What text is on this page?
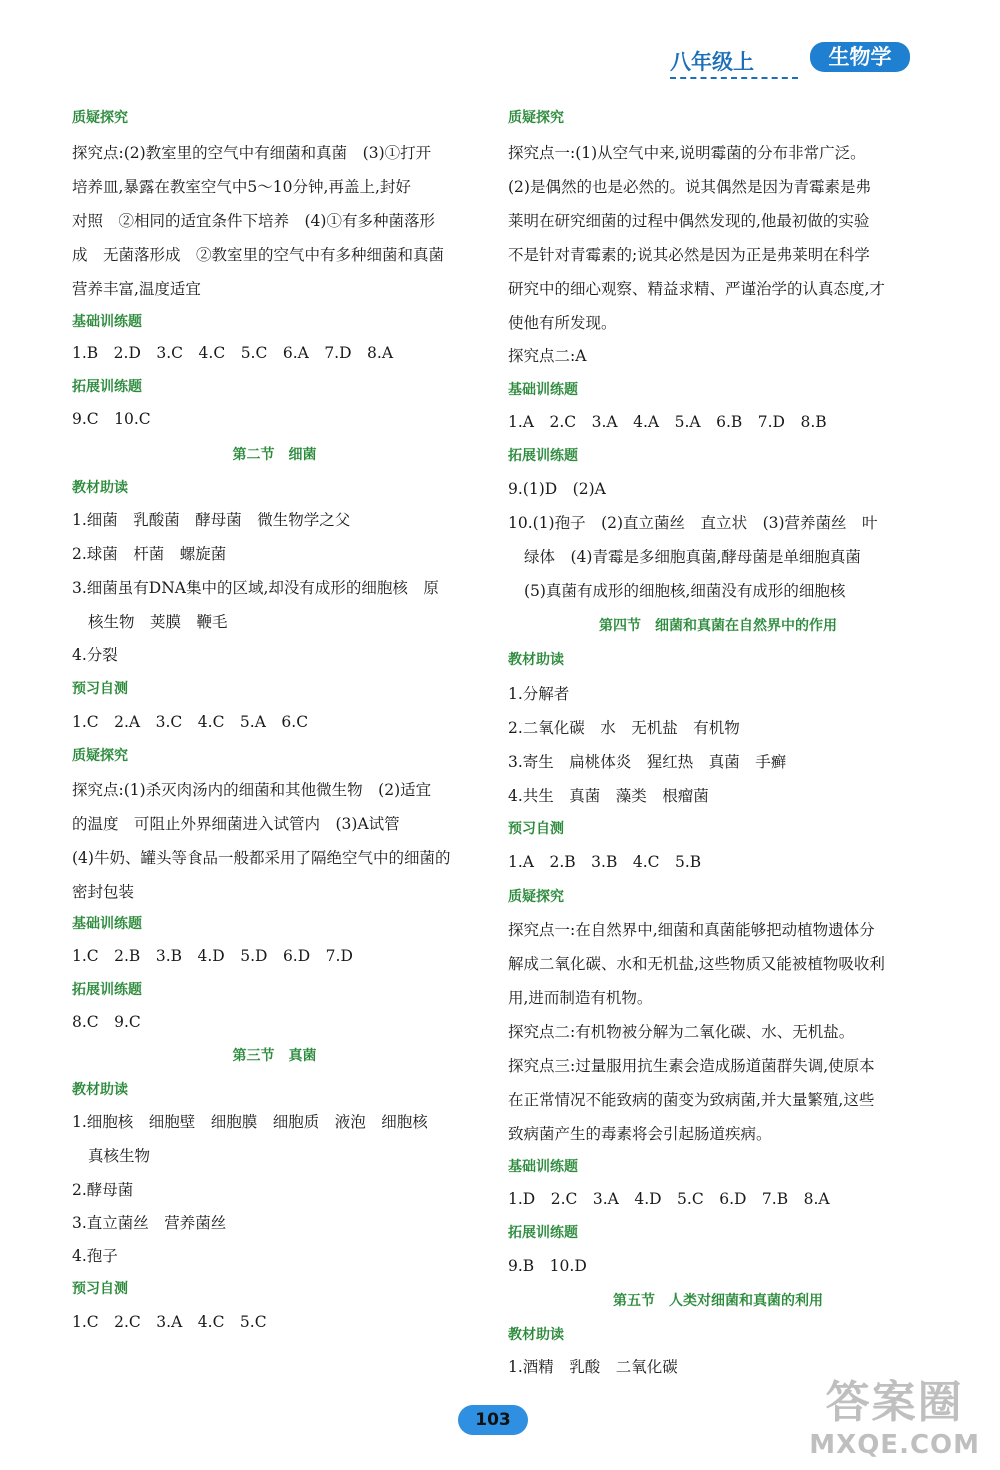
八年级上	生物学
质疑探究
探究点:(2)教室里的空气中有细菌和真菌　(3)①打开
培养皿,暴露在教室空气中5～10分钟,再盖上,封好
对照　②相同的适宜条件下培养　(4)①有多种菌落形
成　无菌落形成　②教室里的空气中有多种细菌和真菌
营养丰富,温度适宜
基础训练题
1.B　2.D　3.C　4.C　5.C　6.A　7.D　8.A
拓展训练题
9.C　10.C
第二节　细菌
教材助读
1.细菌　乳酸菌　酵母菌　微生物学之父
2.球菌　杆菌　螺旋菌
3.细菌虽有DNA集中的区域,却没有成形的细胞核　原
核生物　荚膜　鞭毛
4.分裂
预习自测
1.C　2.A　3.C　4.C　5.A　6.C
质疑探究
探究点:(1)杀灭肉汤内的细菌和其他微生物　(2)适宜
的温度　可阻止外界细菌进入试管内　(3)A试管
(4)牛奶、罐头等食品一般都采用了隔绝空气中的细菌的
密封包装
基础训练题
1.C　2.B　3.B　4.D　5.D　6.D　7.D
拓展训练题
8.C　9.C
第三节　真菌
教材助读
1.细胞核　细胞壁　细胞膜　细胞质　液泡　细胞核
真核生物
2.酵母菌
3.直立菌丝　营养菌丝
4.孢子
预习自测
1.C　2.C　3.A　4.C　5.C
质疑探究
探究点一:(1)从空气中来,说明霉菌的分布非常广泛。
(2)是偶然的也是必然的。说其偶然是因为青霉素是弗
莱明在研究细菌的过程中偶然发现的,他最初做的实验
不是针对青霉素的;说其必然是因为正是弗莱明在科学
研究中的细心观察、精益求精、严谨治学的认真态度,才
使他有所发现。
探究点二:A
基础训练题
1.A　2.C　3.A　4.A　5.A　6.B　7.D　8.B
拓展训练题
9.(1)D　(2)A
10.(1)孢子　(2)直立菌丝　直立状　(3)营养菌丝　叶
绿体　(4)青霉是多细胞真菌,酵母菌是单细胞真菌
(5)真菌有成形的细胞核,细菌没有成形的细胞核
第四节　细菌和真菌在自然界中的作用
教材助读
1.分解者
2.二氧化碳　水　无机盐　有机物
3.寄生　扁桃体炎　猩红热　真菌　手癣
4.共生　真菌　藻类　根瘤菌
预习自测
1.A　2.B　3.B　4.C　5.B
质疑探究
探究点一:在自然界中,细菌和真菌能够把动植物遗体分
解成二氧化碳、水和无机盐,这些物质又能被植物吸收利
用,进而制造有机物。
探究点二:有机物被分解为二氧化碳、水、无机盐。
探究点三:过量服用抗生素会造成肠道菌群失调,使原本
在正常情况不能致病的菌变为致病菌,并大量繁殖,这些
致病菌产生的毒素将会引起肠道疾病。
基础训练题
1.D　2.C　3.A　4.D　5.C　6.D　7.B　8.A
拓展训练题
9.B　10.D
第五节　人类对细菌和真菌的利用
教材助读
1.酒精　乳酸　二氧化碳
103	答案圈
MXQE.COM
